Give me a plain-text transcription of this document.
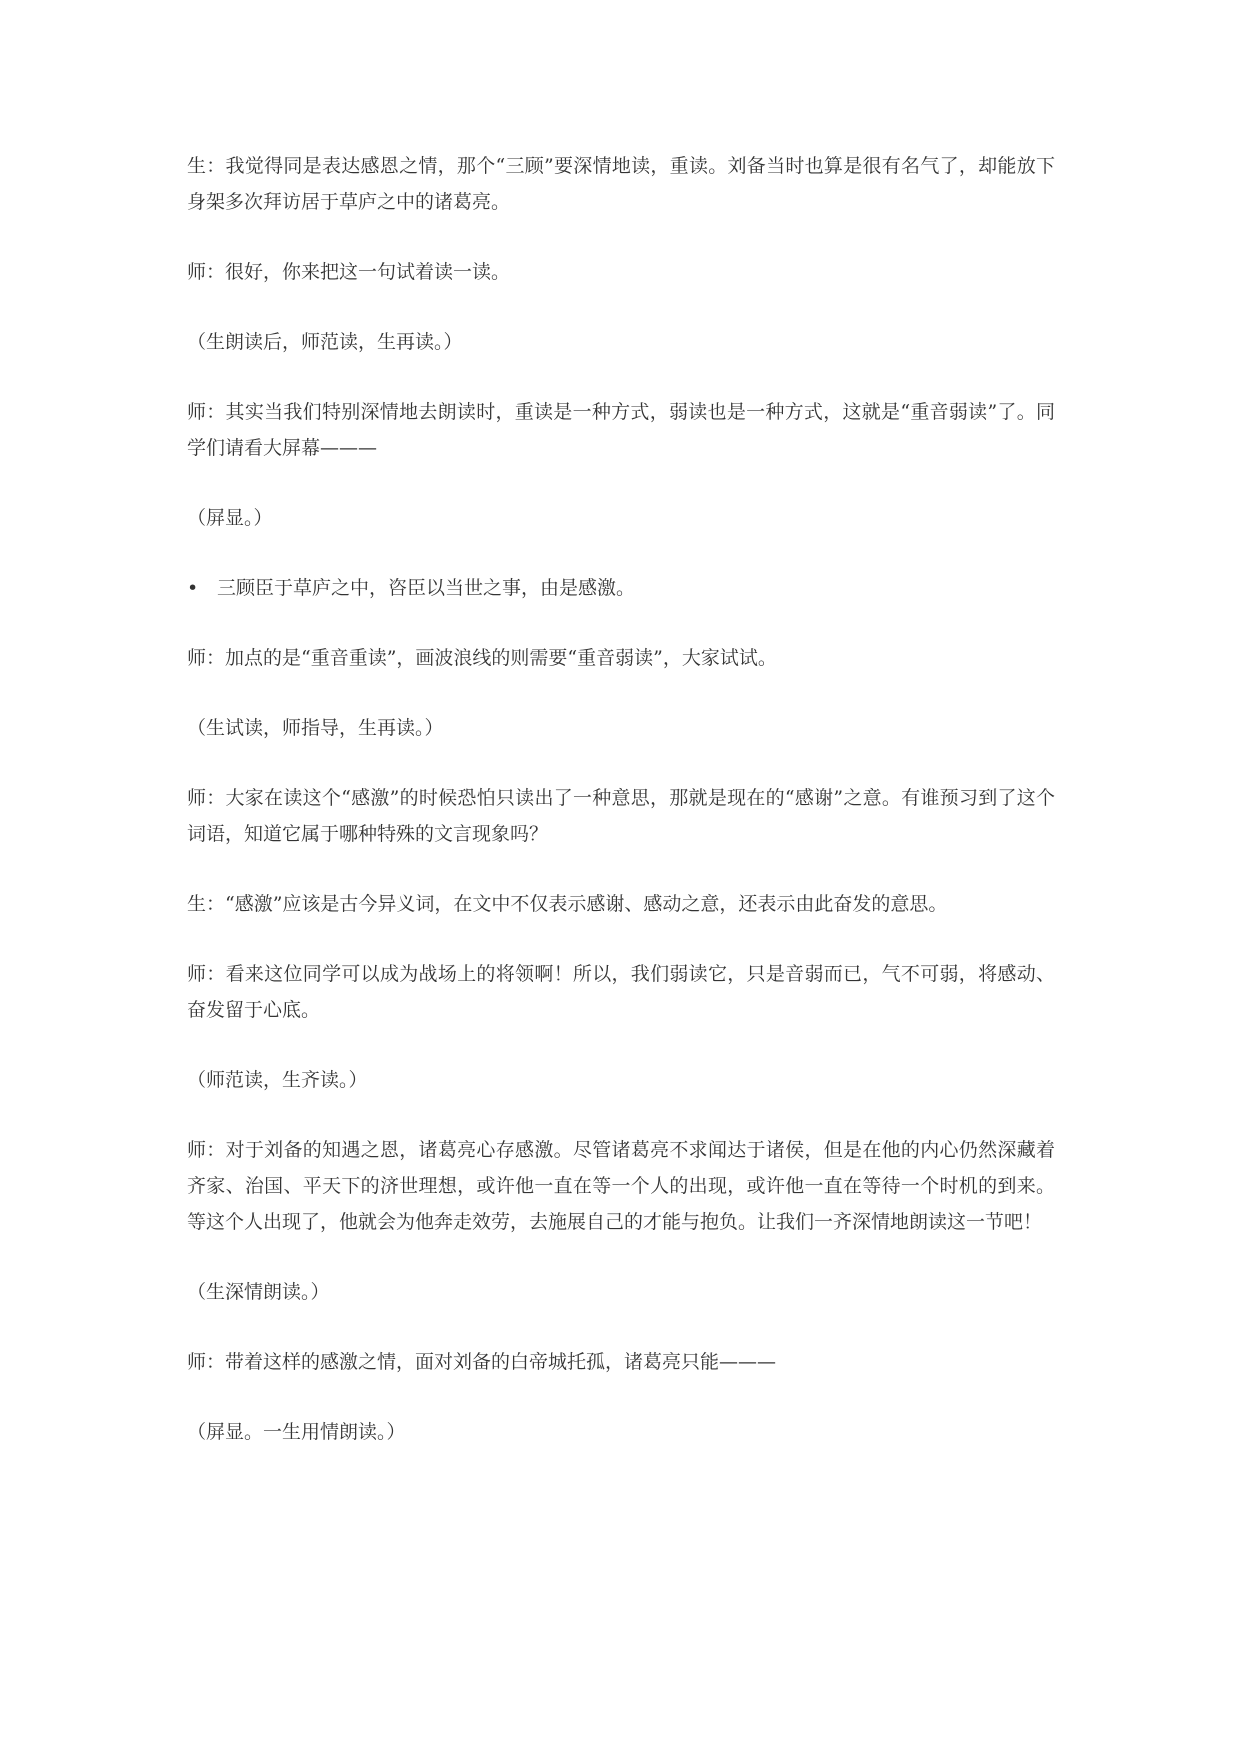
生：我觉得同是表达感恩之情，那个“三顾”要深情地读，重读。刘备当时也算是很有名气了，却能放下身架多次拜访居于草庐之中的诸葛亮。

师：很好，你来把这一句试着读一读。

（生朗读后，师范读，生再读。）

师：其实当我们特别深情地去朗读时，重读是一种方式，弱读也是一种方式，这就是“重音弱读”了。同学们请看大屏幕———

（屏显。）

• 三顾臣于草庐之中，咨臣以当世之事，由是感激。

师：加点的是“重音重读”，画波浪线的则需要“重音弱读”，大家试试。

（生试读，师指导，生再读。）

师：大家在读这个“感激”的时候恐怕只读出了一种意思，那就是现在的“感谢”之意。有谁预习到了这个词语，知道它属于哪种特殊的文言现象吗？

生：“感激”应该是古今异义词，在文中不仅表示感谢、感动之意，还表示由此奋发的意思。

师：看来这位同学可以成为战场上的将领啊！所以，我们弱读它，只是音弱而已，气不可弱，将感动、奋发留于心底。

（师范读，生齐读。）

师：对于刘备的知遇之恩，诸葛亮心存感激。尽管诸葛亮不求闻达于诸侯，但是在他的内心仍然深藏着齐家、治国、平天下的济世理想，或许他一直在等一个人的出现，或许他一直在等待一个时机的到来。等这个人出现了，他就会为他奔走效劳，去施展自己的才能与抱负。让我们一齐深情地朗读这一节吧！

（生深情朗读。）

师：带着这样的感激之情，面对刘备的白帝城托孤，诸葛亮只能———

（屏显。一生用情朗读。）
